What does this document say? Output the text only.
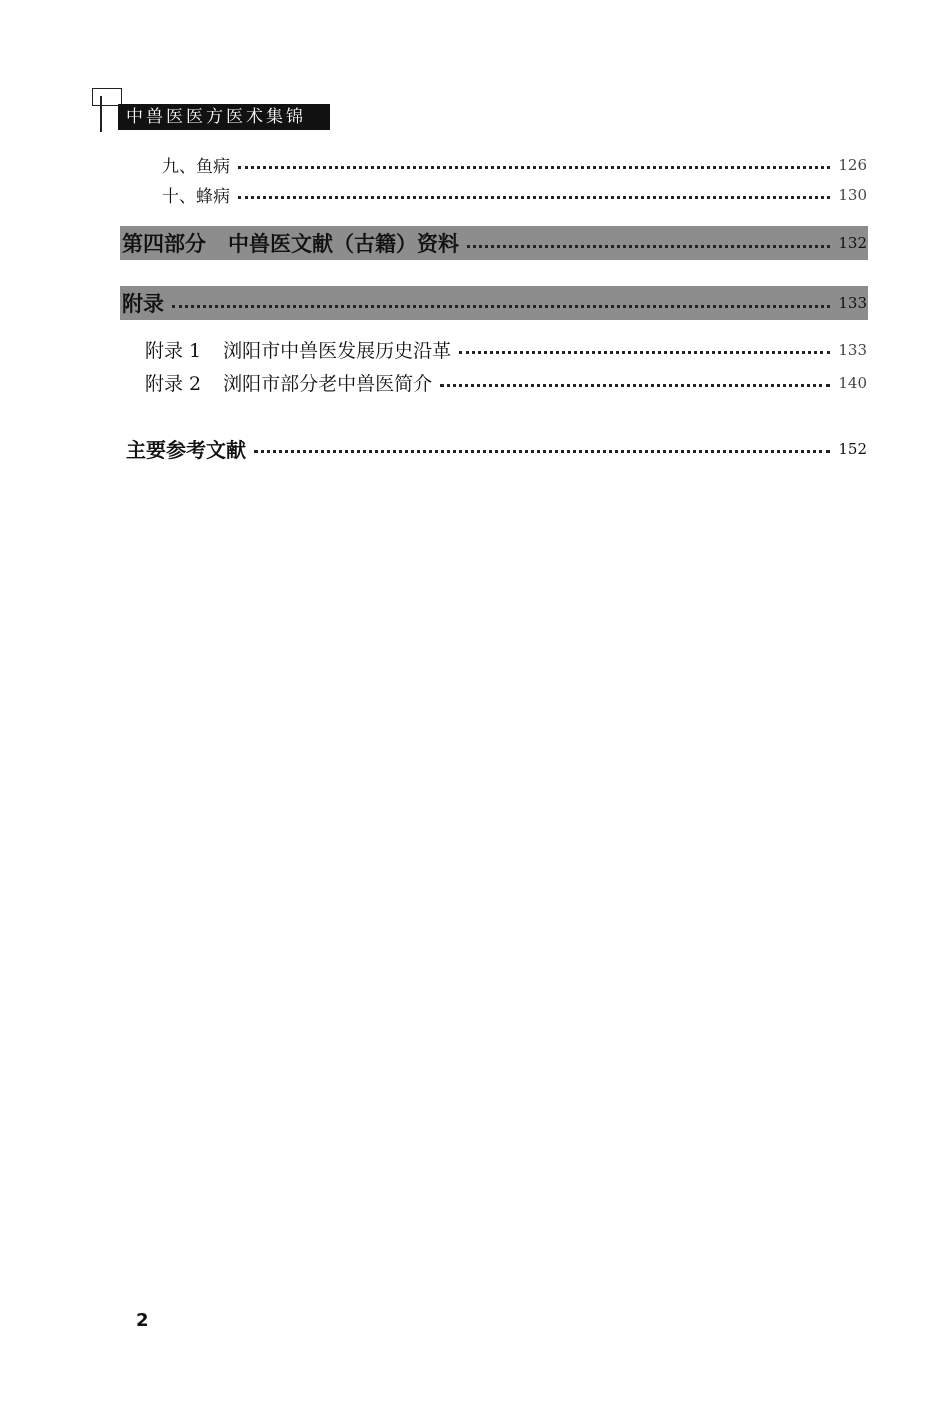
中兽医医方医术集锦
九、鱼病	126
十、蜂病	130
第四部分 中兽医文献（古籍）资料	132
附录	133
附录 1 浏阳市中兽医发展历史沿革	133
附录 2 浏阳市部分老中兽医简介	140
主要参考文献	152
2
